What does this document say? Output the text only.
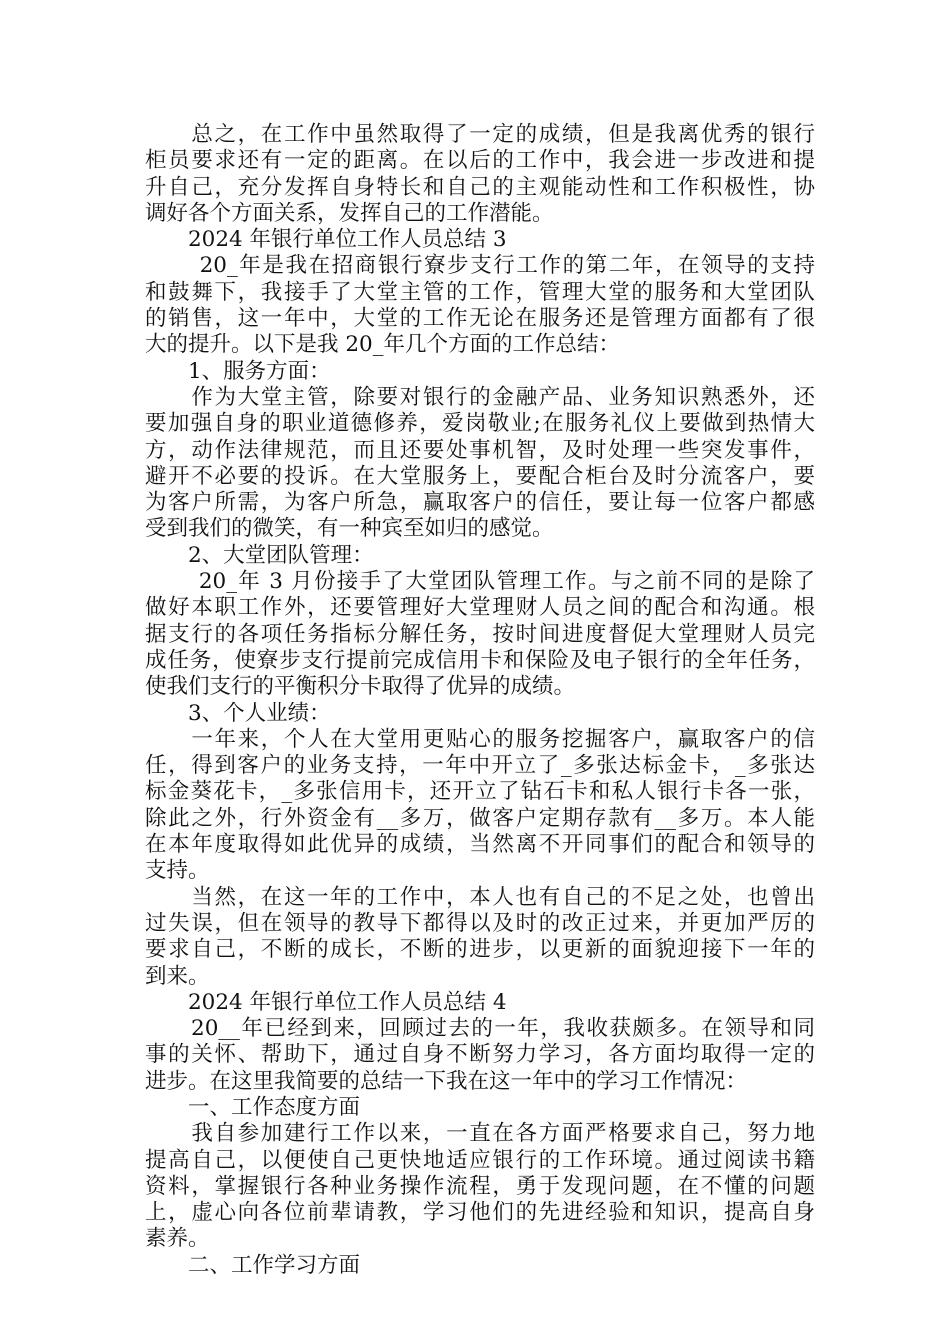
　　总之，在工作中虽然取得了一定的成绩，但是我离优秀的银行
柜员要求还有一定的距离。在以后的工作中，我会进一步改进和提
升自己，充分发挥自身特长和自己的主观能动性和工作积极性，协
调好各个方面关系，发挥自己的工作潜能。
　　2024 年银行单位工作人员总结 3
　　 20_年是我在招商银行寮步支行工作的第二年，在领导的支持
和鼓舞下，我接手了大堂主管的工作，管理大堂的服务和大堂团队
的销售，这一年中，大堂的工作无论在服务还是管理方面都有了很
大的提升。以下是我 20_年几个方面的工作总结：
　　1、服务方面：
　　作为大堂主管，除要对银行的金融产品、业务知识熟悉外，还
要加强自身的职业道德修养，爱岗敬业;在服务礼仪上要做到热情大
方，动作法律规范，而且还要处事机智，及时处理一些突发事件，
避开不必要的投诉。在大堂服务上，要配合柜台及时分流客户，要
为客户所需，为客户所急，赢取客户的信任，要让每一位客户都感
受到我们的微笑，有一种宾至如归的感觉。
　　2、大堂团队管理：
　　 20_年 3 月份接手了大堂团队管理工作。与之前不同的是除了
做好本职工作外，还要管理好大堂理财人员之间的配合和沟通。根
据支行的各项任务指标分解任务，按时间进度督促大堂理财人员完
成任务，使寮步支行提前完成信用卡和保险及电子银行的全年任务，
使我们支行的平衡积分卡取得了优异的成绩。
　　3、个人业绩：
　　一年来，个人在大堂用更贴心的服务挖掘客户，赢取客户的信
任，得到客户的业务支持，一年中开立了_多张达标金卡，_多张达
标金葵花卡，_多张信用卡，还开立了钻石卡和私人银行卡各一张，
除此之外，行外资金有__多万，做客户定期存款有__多万。本人能
在本年度取得如此优异的成绩，当然离不开同事们的配合和领导的
支持。
　　当然，在这一年的工作中，本人也有自己的不足之处，也曾出
过失误，但在领导的教导下都得以及时的改正过来，并更加严厉的
要求自己，不断的成长，不断的进步，以更新的面貌迎接下一年的
到来。
　　2024 年银行单位工作人员总结 4
　　20__年已经到来，回顾过去的一年，我收获颇多。在领导和同
事的关怀、帮助下，通过自身不断努力学习，各方面均取得一定的
进步。在这里我简要的总结一下我在这一年中的学习工作情况：
　　一、工作态度方面
　　我自参加建行工作以来，一直在各方面严格要求自己，努力地
提高自己，以便使自己更快地适应银行的工作环境。通过阅读书籍
资料，掌握银行各种业务操作流程，勇于发现问题，在不懂的问题
上，虚心向各位前辈请教，学习他们的先进经验和知识，提高自身
素养。
　　二、工作学习方面
